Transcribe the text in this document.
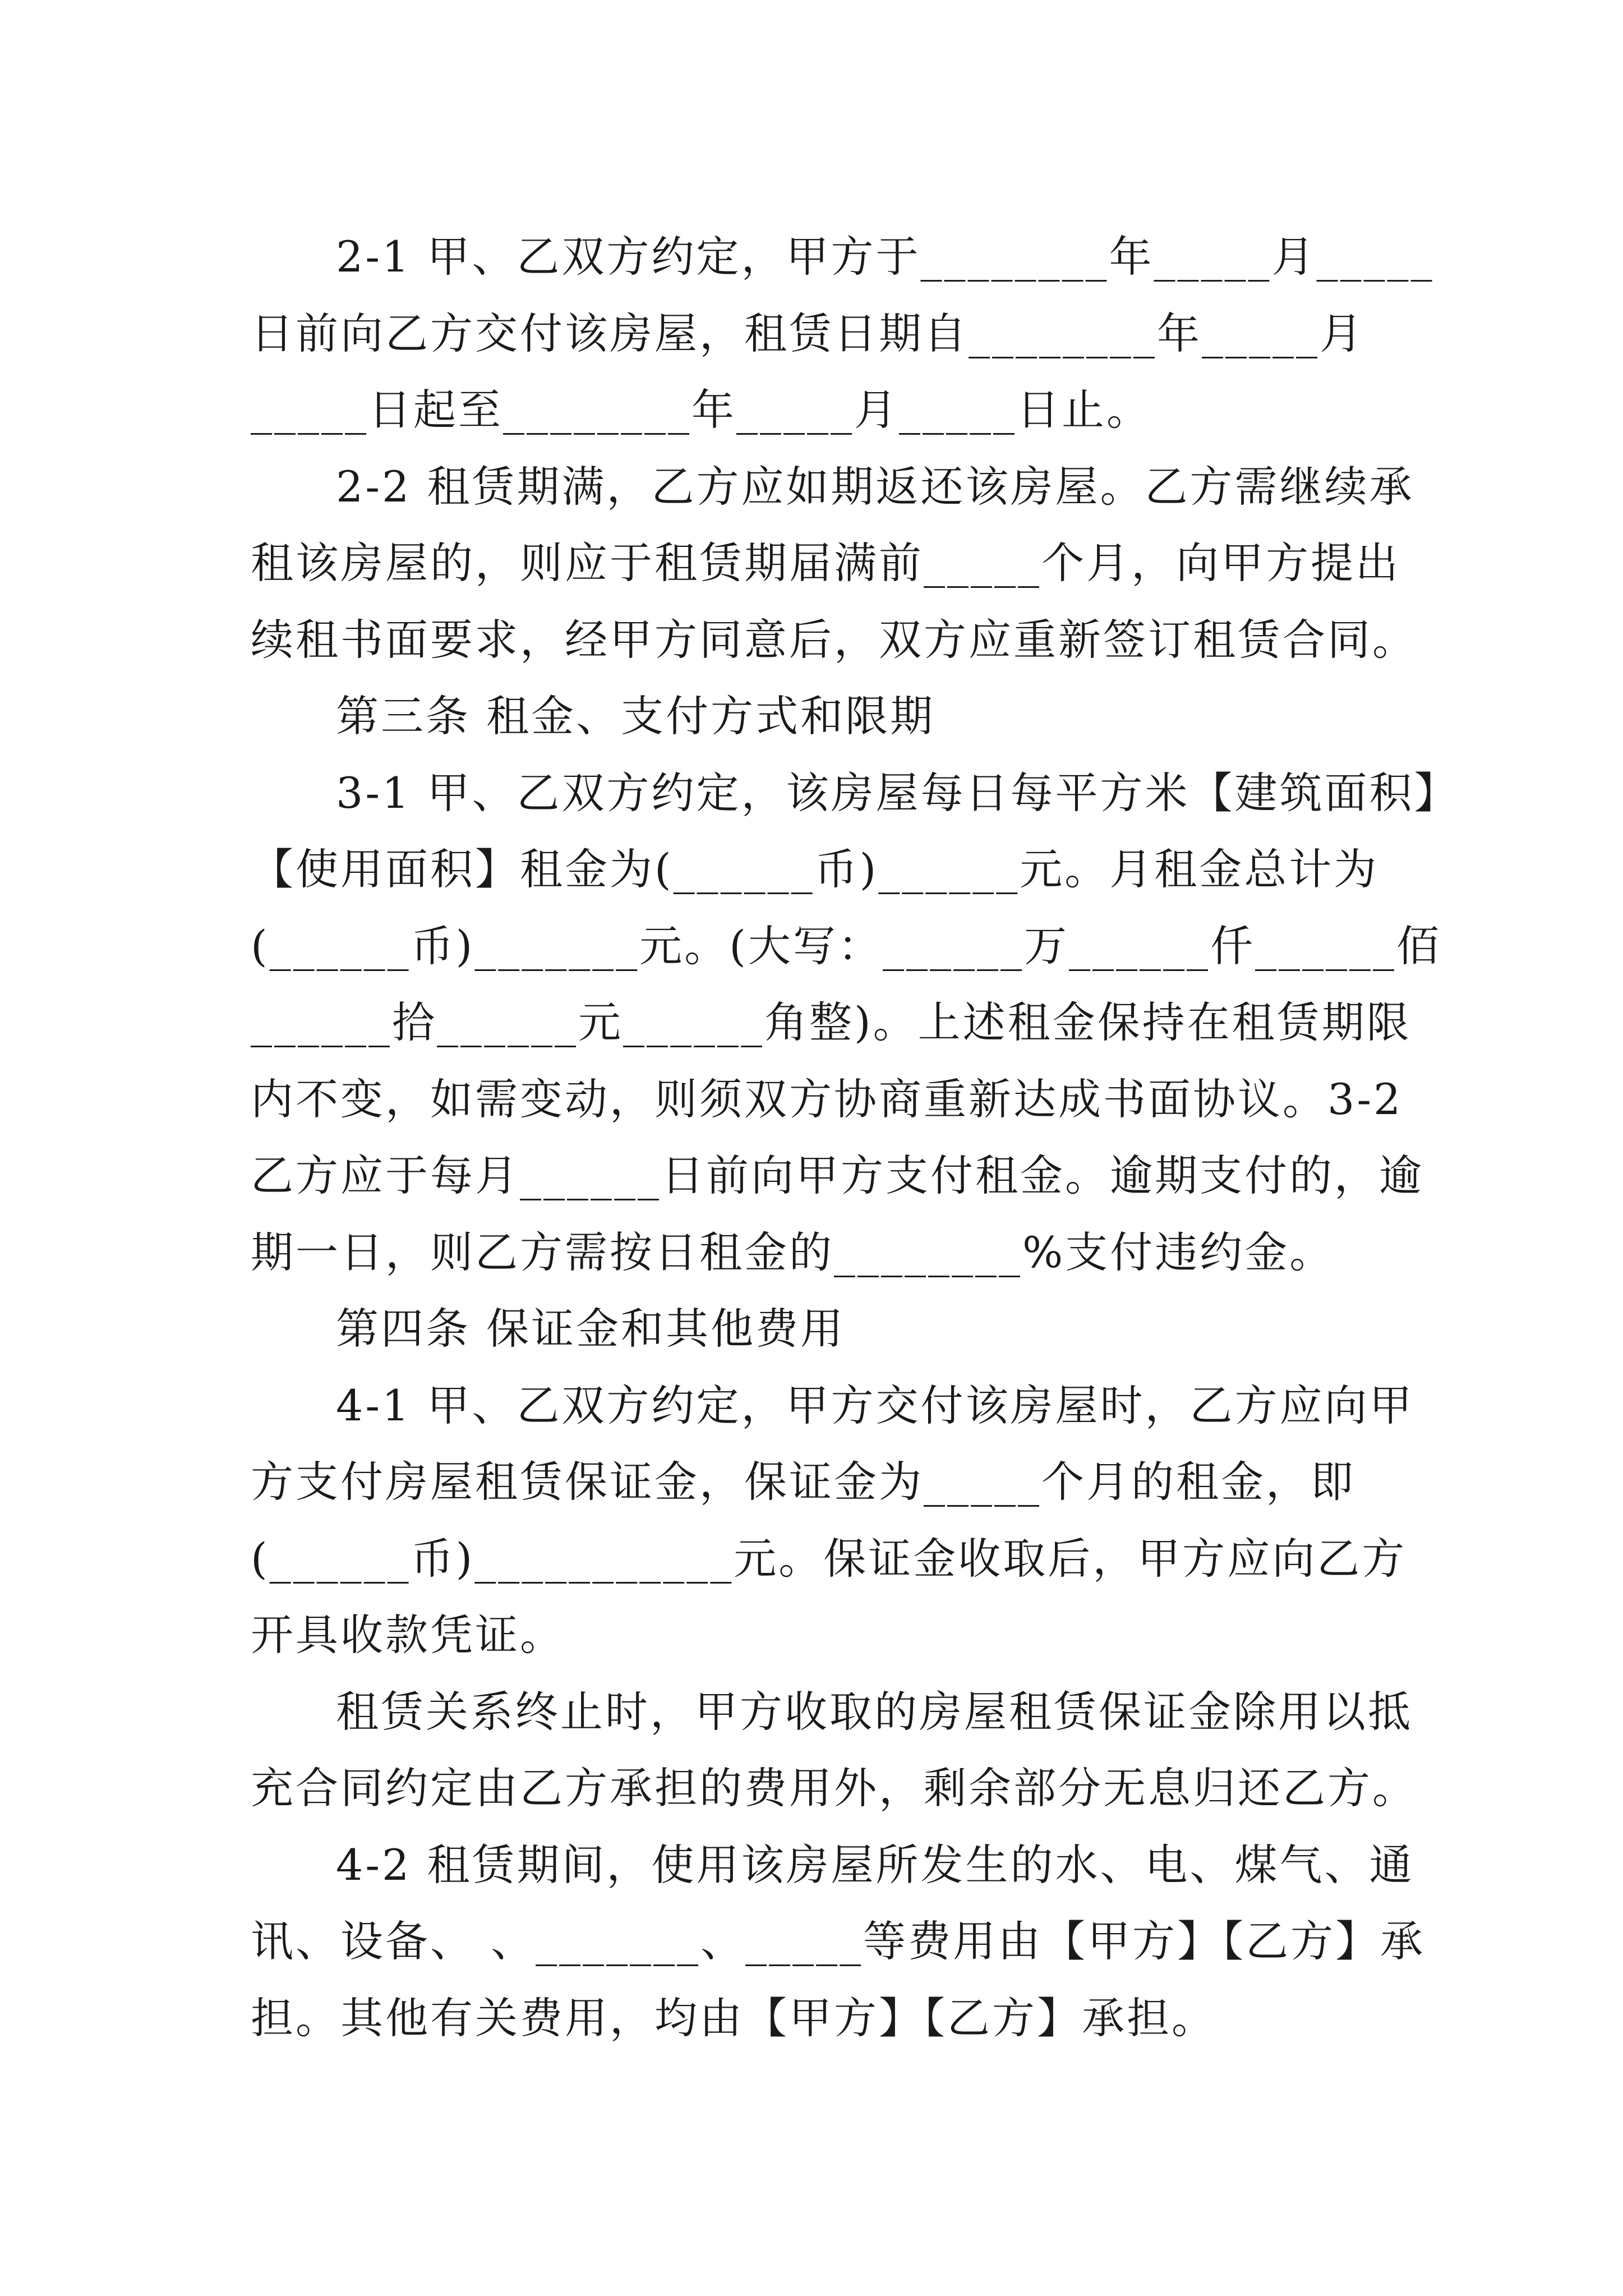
2-1 甲、乙双方约定，甲方于________年_____月_____
日前向乙方交付该房屋，租赁日期自________年_____月
_____日起至________年_____月_____日止。
2-2 租赁期满，乙方应如期返还该房屋。乙方需继续承
租该房屋的，则应于租赁期届满前_____个月，向甲方提出
续租书面要求，经甲方同意后，双方应重新签订租赁合同。
第三条 租金、支付方式和限期
3-1 甲、乙双方约定，该房屋每日每平方米【建筑面积】
【使用面积】租金为(______币)______元。月租金总计为
(______币)_______元。(大写：______万______仟______佰
______拾______元______角整)。上述租金保持在租赁期限
内不变，如需变动，则须双方协商重新达成书面协议。3-2
乙方应于每月______日前向甲方支付租金。逾期支付的，逾
期一日，则乙方需按日租金的________%支付违约金。
第四条 保证金和其他费用
4-1 甲、乙双方约定，甲方交付该房屋时，乙方应向甲
方支付房屋租赁保证金，保证金为_____个月的租金，即
(______币)___________元。保证金收取后，甲方应向乙方
开具收款凭证。
租赁关系终止时，甲方收取的房屋租赁保证金除用以抵
充合同约定由乙方承担的费用外，剩余部分无息归还乙方。
4-2 租赁期间，使用该房屋所发生的水、电、煤气、通
讯、设备、 、_______、_____等费用由【甲方】【乙方】承
担。其他有关费用，均由【甲方】【乙方】承担。
